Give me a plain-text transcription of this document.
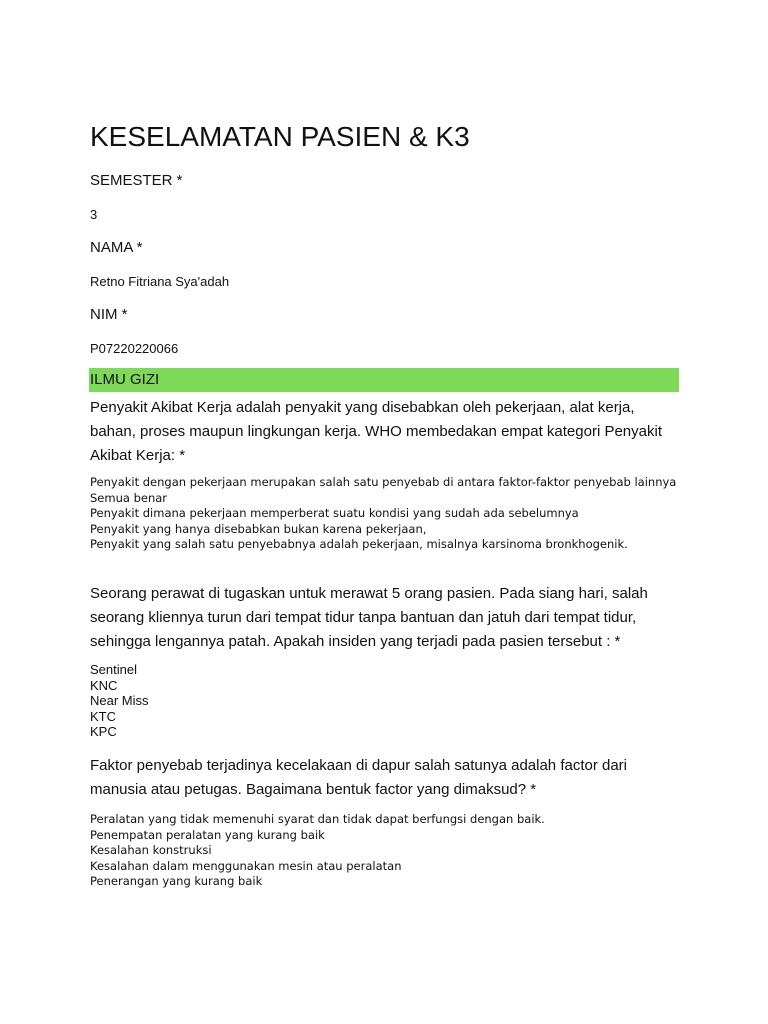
KESELAMATAN PASIEN & K3
SEMESTER *
3
NAMA *
Retno Fitriana Sya'adah
NIM *
P07220220066
ILMU GIZI
Penyakit Akibat Kerja adalah penyakit yang disebabkan oleh pekerjaan, alat kerja, bahan, proses maupun lingkungan kerja. WHO membedakan empat kategori Penyakit Akibat Kerja: *
Penyakit dengan pekerjaan merupakan salah satu penyebab di antara faktor-faktor penyebab lainnya
Semua benar
Penyakit dimana pekerjaan memperberat suatu kondisi yang sudah ada sebelumnya
Penyakit yang hanya disebabkan bukan karena pekerjaan,
Penyakit yang salah satu penyebabnya adalah pekerjaan, misalnya karsinoma bronkhogenik.
Seorang perawat di tugaskan untuk merawat 5 orang pasien. Pada siang hari, salah seorang kliennya turun dari tempat tidur tanpa bantuan dan jatuh dari tempat tidur, sehingga lengannya patah. Apakah insiden yang terjadi pada pasien tersebut : *
Sentinel
KNC
Near Miss
KTC
KPC
Faktor penyebab terjadinya kecelakaan di dapur salah satunya adalah factor dari manusia atau petugas. Bagaimana bentuk factor yang dimaksud? *
Peralatan yang tidak memenuhi syarat dan tidak dapat berfungsi dengan baik.
Penempatan peralatan yang kurang baik
Kesalahan konstruksi
Kesalahan dalam menggunakan mesin atau peralatan
Penerangan yang kurang baik
